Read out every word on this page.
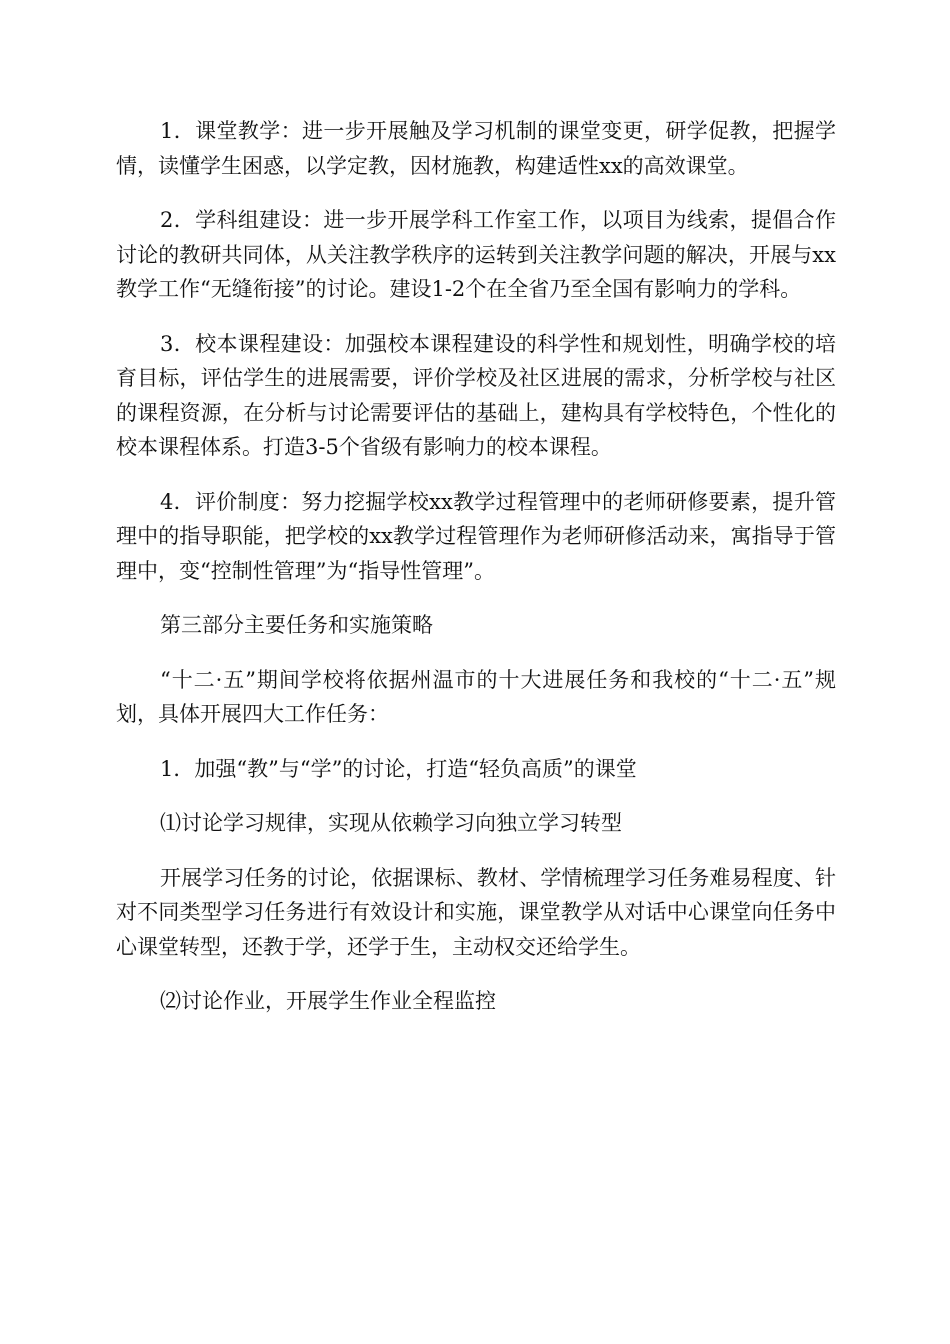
1．课堂教学：进一步开展触及学习机制的课堂变更，研学促教，把握学情，读懂学生困惑，以学定教，因材施教，构建适性xx的高效课堂。

2．学科组建设：进一步开展学科工作室工作，以项目为线索，提倡合作讨论的教研共同体，从关注教学秩序的运转到关注教学问题的解决，开展与xx教学工作“无缝衔接”的讨论。建设1-2个在全省乃至全国有影响力的学科。

3．校本课程建设：加强校本课程建设的科学性和规划性，明确学校的培育目标，评估学生的进展需要，评价学校及社区进展的需求，分析学校与社区的课程资源，在分析与讨论需要评估的基础上，建构具有学校特色，个性化的校本课程体系。打造3-5个省级有影响力的校本课程。

4．评价制度：努力挖掘学校xx教学过程管理中的老师研修要素，提升管理中的指导职能，把学校的xx教学过程管理作为老师研修活动来，寓指导于管理中，变“控制性管理”为“指导性管理”。

第三部分主要任务和实施策略

“十二·五”期间学校将依据州温市的十大进展任务和我校的“十二·五”规划，具体开展四大工作任务：

1．加强“教”与“学”的讨论，打造“轻负高质”的课堂

⑴讨论学习规律，实现从依赖学习向独立学习转型

开展学习任务的讨论，依据课标、教材、学情梳理学习任务难易程度、针对不同类型学习任务进行有效设计和实施，课堂教学从对话中心课堂向任务中心课堂转型，还教于学，还学于生，主动权交还给学生。

⑵讨论作业，开展学生作业全程监控
